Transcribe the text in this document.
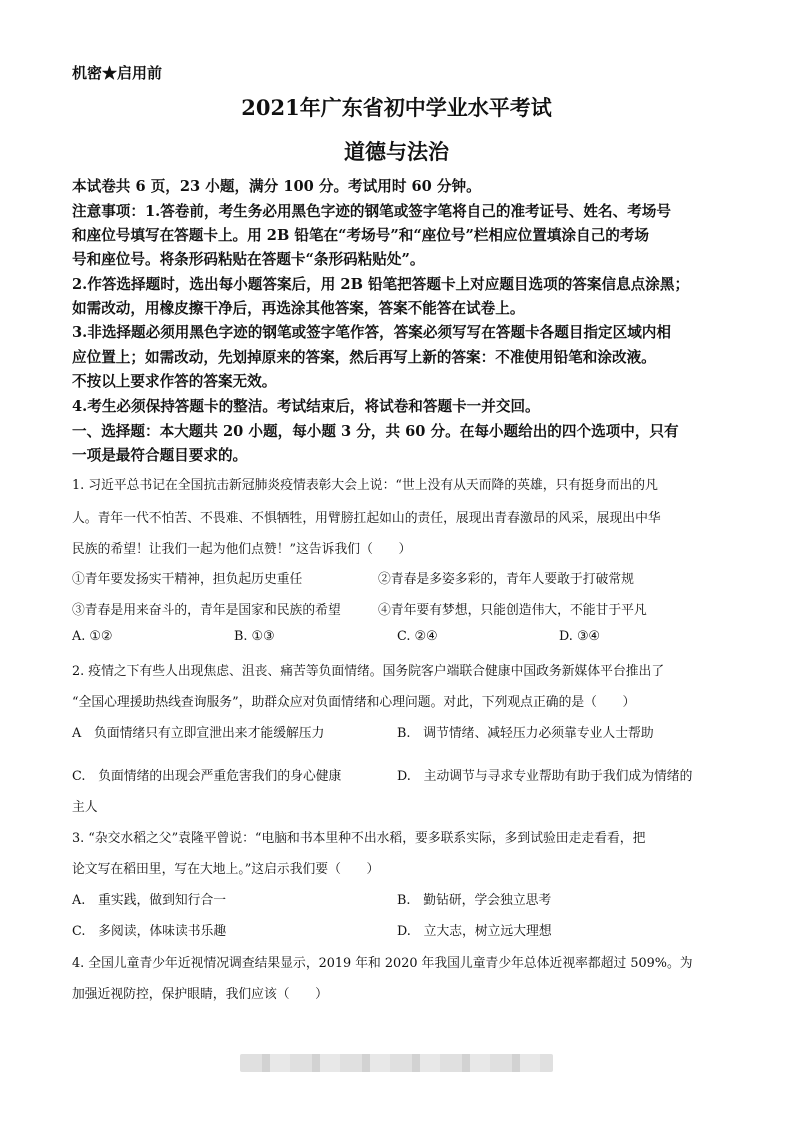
机密★启用前
2021年广东省初中学业水平考试
道德与法治
本试卷共 6 页，23 小题，满分 100 分。考试用时 60 分钟。
注意事项：1.答卷前，考生务必用黑色字迹的钢笔或签字笔将自己的准考证号、姓名、考场号
和座位号填写在答题卡上。用 2B 铅笔在“考场号”和“座位号”栏相应位置填涂自己的考场
号和座位号。将条形码粘贴在答题卡“条形码粘贴处”。
2.作答选择题时，选出每小题答案后，用 2B 铅笔把答题卡上对应题目选项的答案信息点涂黑；
如需改动，用橡皮擦干净后，再选涂其他答案，答案不能答在试卷上。
3.非选择题必须用黑色字迹的钢笔或签字笔作答，答案必须写写在答题卡各题目指定区域内相
应位置上；如需改动，先划掉原来的答案，然后再写上新的答案：不准使用铅笔和涂改液。
不按以上要求作答的答案无效。
4.考生必须保持答题卡的整洁。考试结束后，将试卷和答题卡一并交回。
一、选择题：本大题共 20 小题，每小题 3 分，共 60 分。在每小题给出的四个选项中，只有
一项是最符合题目要求的。
1. 习近平总书记在全国抗击新冠肺炎疫情表彰大会上说：“世上没有从天而降的英雄，只有挺身而出的凡
人。青年一代不怕苦、不畏难、不惧牺牲，用臂膀扛起如山的责任，展现出青春激昂的风采，展现出中华
民族的希望！让我们一起为他们点赞！”这告诉我们（　　）
①青年要发扬实干精神，担负起历史重任	②青春是多姿多彩的，青年人要敢于打破常规
③青春是用来奋斗的，青年是国家和民族的希望	④青年要有梦想，只能创造伟大，不能甘于平凡
A. ①②	B. ①③	C. ②④	D. ③④
2. 疫情之下有些人出现焦虑、沮丧、痛苦等负面情绪。国务院客户端联合健康中国政务新媒体平台推出了
“全国心理援助热线查询服务”，助群众应对负面情绪和心理问题。对此，下列观点正确的是（　　）
A　负面情绪只有立即宣泄出来才能缓解压力	B.　调节情绪、减轻压力必须靠专业人士帮助
C.　负面情绪的出现会严重危害我们的身心健康	D.　主动调节与寻求专业帮助有助于我们成为情绪的
主人
3. “杂交水稻之父”袁隆平曾说：“电脑和书本里种不出水稻，要多联系实际，多到试验田走走看看，把
论文写在稻田里，写在大地上。”这启示我们要（　　）
A.　重实践，做到知行合一	B.　勤钻研，学会独立思考
C.　多阅读，体味读书乐趣	D.　立大志，树立远大理想
4. 全国儿童青少年近视情况调查结果显示，2019 年和 2020 年我国儿童青少年总体近视率都超过 509%。为
加强近视防控，保护眼睛，我们应该（　　）
